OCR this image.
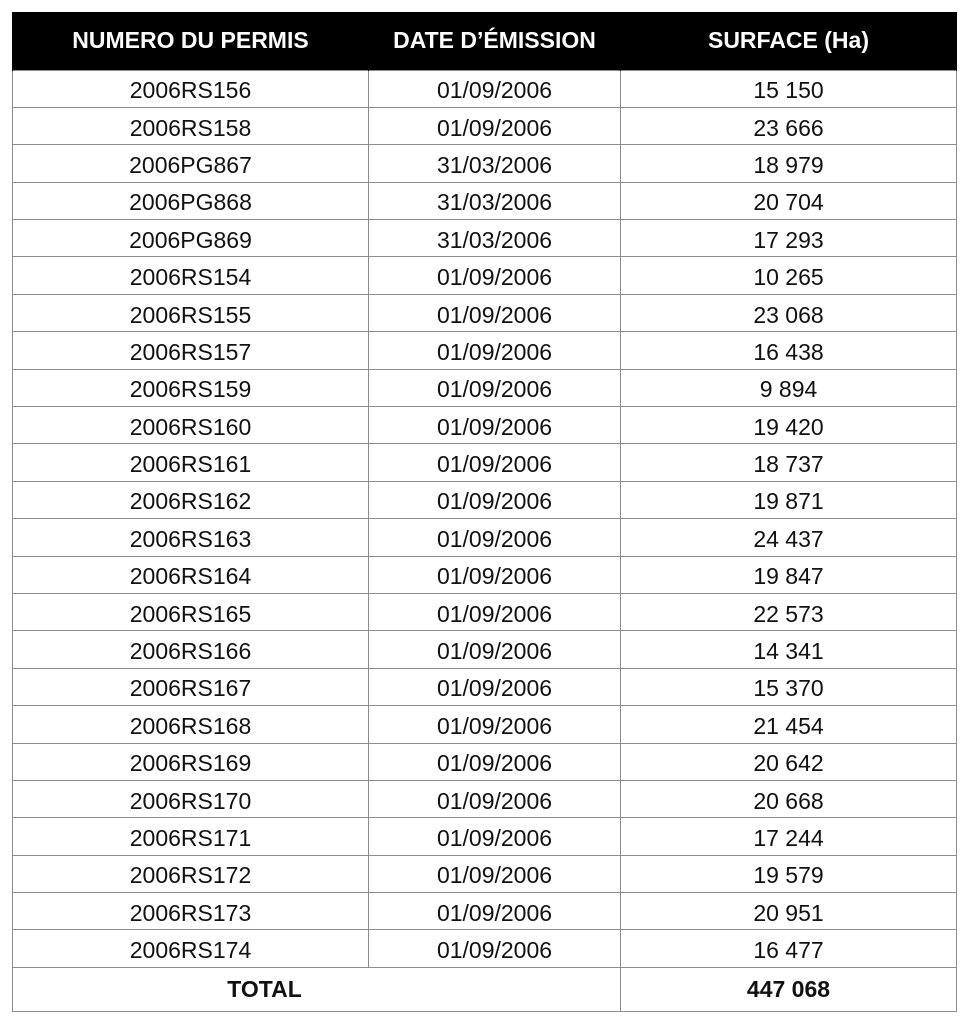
NUMERO DU PERMIS	DATE D’ÉMISSION	SURFACE (Ha)
2006RS156	01/09/2006	15 150
2006RS158	01/09/2006	23 666
2006PG867	31/03/2006	18 979
2006PG868	31/03/2006	20 704
2006PG869	31/03/2006	17 293
2006RS154	01/09/2006	10 265
2006RS155	01/09/2006	23 068
2006RS157	01/09/2006	16 438
2006RS159	01/09/2006	9 894
2006RS160	01/09/2006	19 420
2006RS161	01/09/2006	18 737
2006RS162	01/09/2006	19 871
2006RS163	01/09/2006	24 437
2006RS164	01/09/2006	19 847
2006RS165	01/09/2006	22 573
2006RS166	01/09/2006	14 341
2006RS167	01/09/2006	15 370
2006RS168	01/09/2006	21 454
2006RS169	01/09/2006	20 642
2006RS170	01/09/2006	20 668
2006RS171	01/09/2006	17 244
2006RS172	01/09/2006	19 579
2006RS173	01/09/2006	20 951
2006RS174	01/09/2006	16 477
TOTAL		447 068
